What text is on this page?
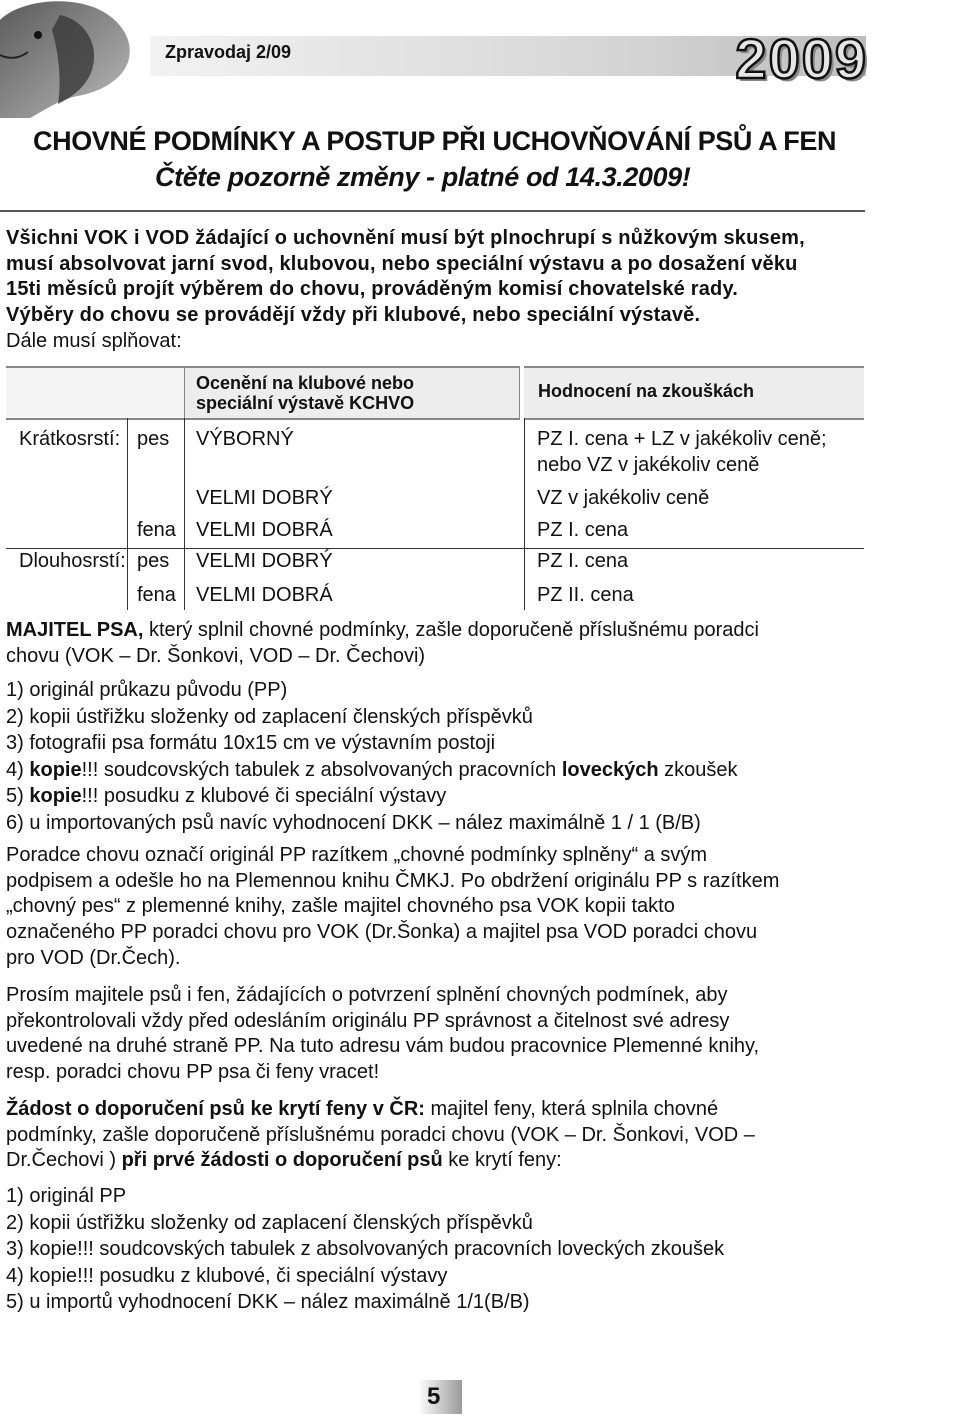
Zpravodaj 2/09	2009
CHOVNÉ PODMÍNKY A POSTUP PŘI UCHOVŇOVÁNÍ PSŮ A FEN
Čtěte pozorně změny - platné od 14.3.2009!
Všichni VOK i VOD žádající o uchovnění musí být plnochrupí s nůžkovým skusem,
musí absolvovat jarní svod, klubovou, nebo speciální výstavu a po dosažení věku
15ti měsíců projít výběrem do chovu, prováděným komisí chovatelské rady.
Výběry do chovu se provádějí vždy při klubové, nebo speciální výstavě.
Dále musí splňovat:
Ocenění na klubové nebo
speciální výstavě KCHVO
Hodnocení na zkouškách
Krátkosrstí: pes VÝBORNÝ	PZ I. cena + LZ v jakékoliv ceně;
nebo VZ v jakékoliv ceně
VELMI DOBRÝ	VZ v jakékoliv ceně
fena VELMI DOBRÁ	PZ I. cena
Dlouhosrstí: pes VELMI DOBRÝ	PZ I. cena
fena VELMI DOBRÁ	PZ II. cena
MAJITEL PSA, který splnil chovné podmínky, zašle doporučeně příslušnému poradci
chovu (VOK – Dr. Šonkovi, VOD – Dr. Čechovi)
1) originál průkazu původu (PP)
2) kopii ústřižku složenky od zaplacení členských příspěvků
3) fotografii psa formátu 10x15 cm ve výstavním postoji
4) kopie!!! soudcovských tabulek z absolvovaných pracovních loveckých zkoušek
5) kopie!!! posudku z klubové či speciální výstavy
6) u importovaných psů navíc vyhodnocení DKK – nález maximálně 1 / 1 (B/B)
Poradce chovu označí originál PP razítkem „chovné podmínky splněny“ a svým
podpisem a odešle ho na Plemennou knihu ČMKJ. Po obdržení originálu PP s razítkem
„chovný pes“ z plemenné knihy, zašle majitel chovného psa VOK kopii takto
označeného PP poradci chovu pro VOK (Dr.Šonka) a majitel psa VOD poradci chovu
pro VOD (Dr.Čech).
Prosím majitele psů i fen, žádajících o potvrzení splnění chovných podmínek, aby
překontrolovali vždy před odesláním originálu PP správnost a čitelnost své adresy
uvedené na druhé straně PP. Na tuto adresu vám budou pracovnice Plemenné knihy,
resp. poradci chovu PP psa či feny vracet!
Žádost o doporučení psů ke krytí feny v ČR: majitel feny, která splnila chovné
podmínky, zašle doporučeně příslušnému poradci chovu (VOK – Dr. Šonkovi, VOD –
Dr.Čechovi ) při prvé žádosti o doporučení psů ke krytí feny:
1) originál PP
2) kopii ústřižku složenky od zaplacení členských příspěvků
3) kopie!!! soudcovských tabulek z absolvovaných pracovních loveckých zkoušek
4) kopie!!! posudku z klubové, či speciální výstavy
5) u importů vyhodnocení DKK – nález maximálně 1/1(B/B)
5
